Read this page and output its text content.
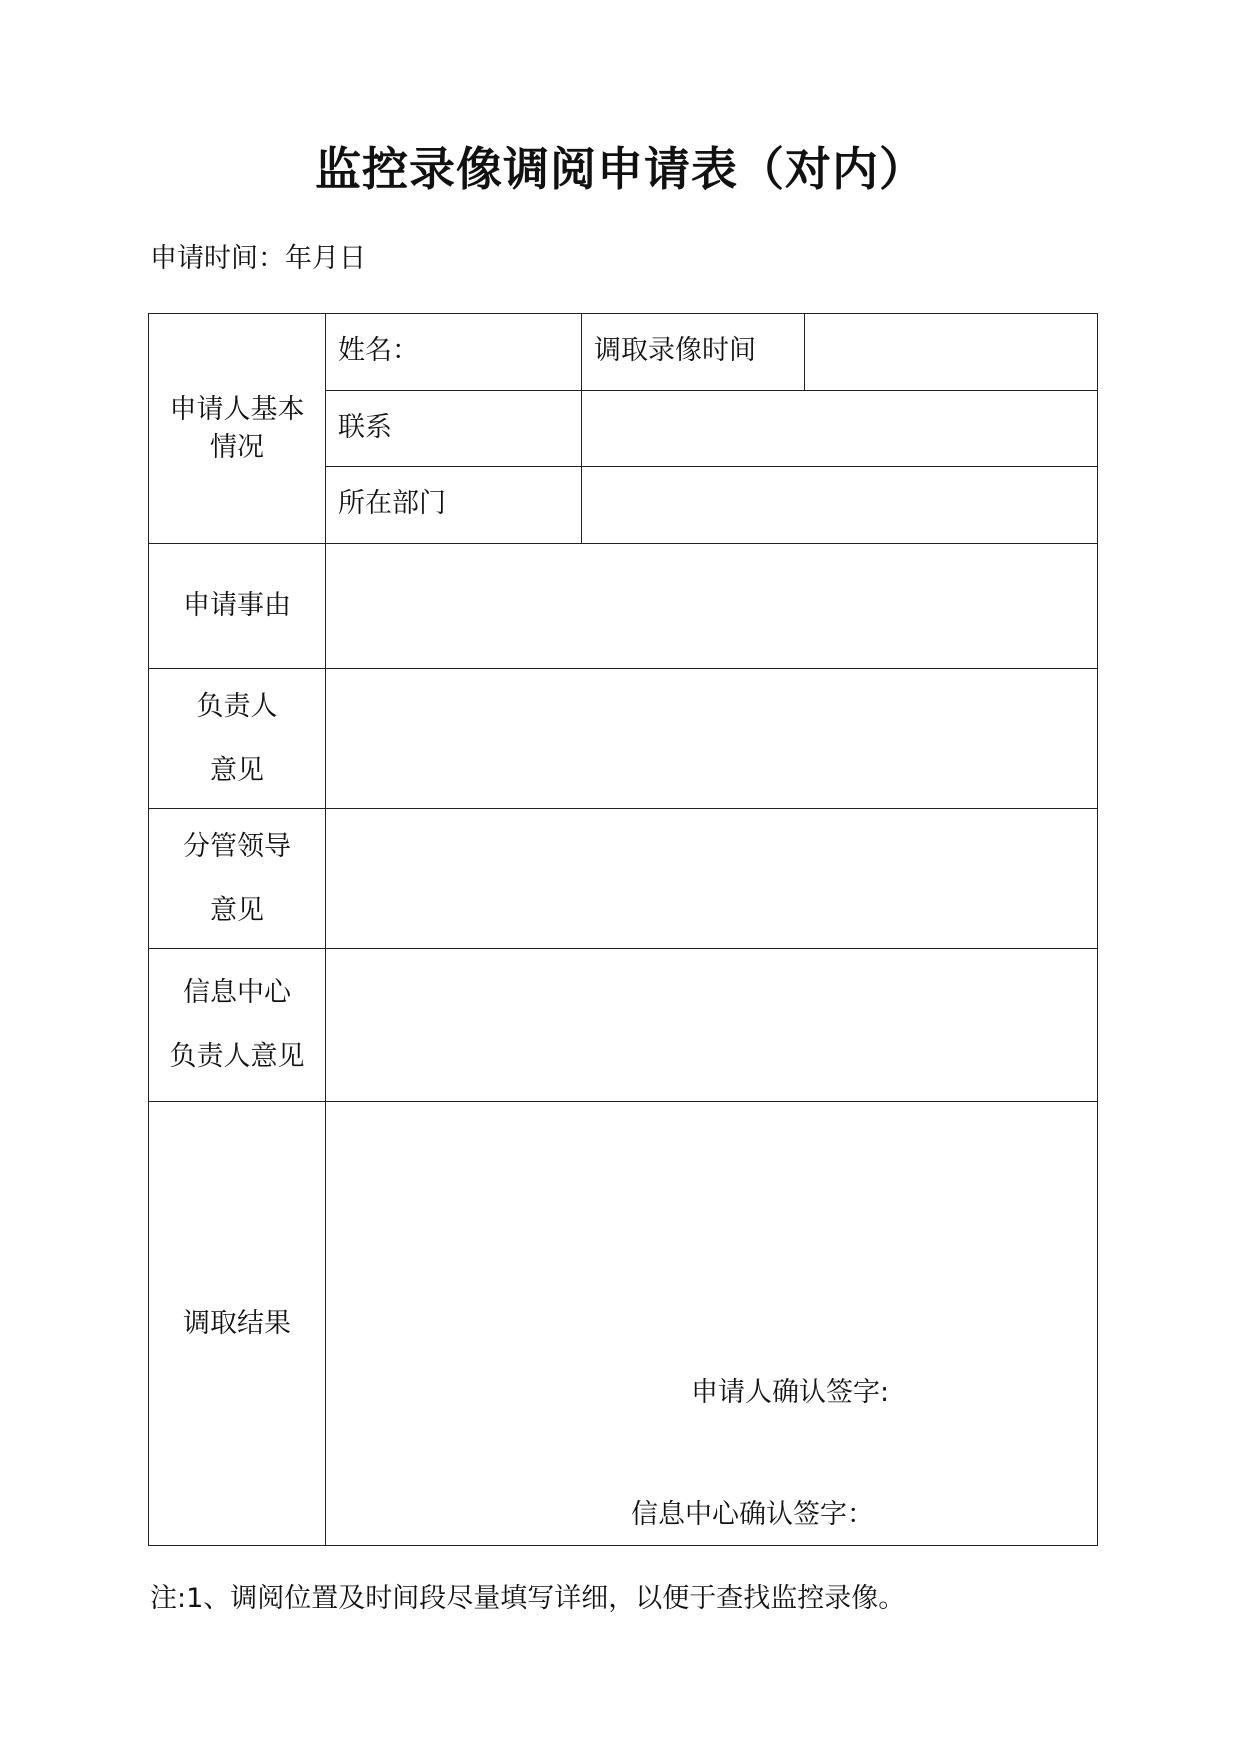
监控录像调阅申请表（对内）
申请时间：年月日
申请人基本情况	姓名：	调取录像时间	
	联系		
	所在部门		
申请事由			

负责人
意见			

分管领导
意见			

信息中心
负责人意见			

调取结果	申请人确认签字:
信息中心确认签字：		
注:1、调阅位置及时间段尽量填写详细，以便于查找监控录像。
